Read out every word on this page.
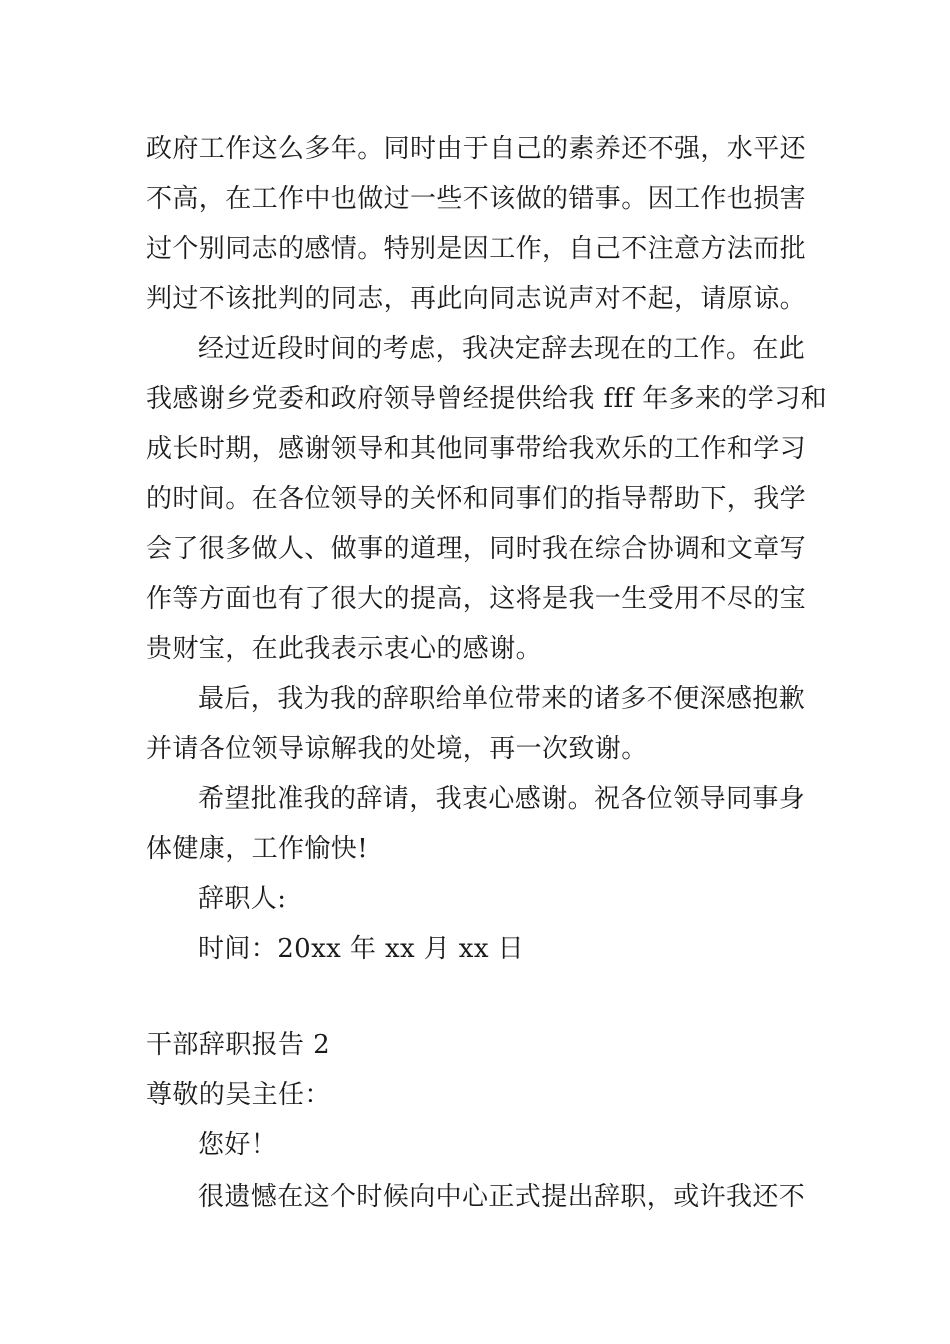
政府工作这么多年。同时由于自己的素养还不强，水平还
不高，在工作中也做过一些不该做的错事。因工作也损害
过个别同志的感情。特别是因工作，自己不注意方法而批
判过不该批判的同志，再此向同志说声对不起，请原谅。
经过近段时间的考虑，我决定辞去现在的工作。在此
我感谢乡党委和政府领导曾经提供给我 fff 年多来的学习和
成长时期，感谢领导和其他同事带给我欢乐的工作和学习
的时间。在各位领导的关怀和同事们的指导帮助下，我学
会了很多做人、做事的道理，同时我在综合协调和文章写
作等方面也有了很大的提高，这将是我一生受用不尽的宝
贵财宝，在此我表示衷心的感谢。
最后，我为我的辞职给单位带来的诸多不便深感抱歉
并请各位领导谅解我的处境，再一次致谢。
希望批准我的辞请，我衷心感谢。祝各位领导同事身
体健康，工作愉快!
辞职人:
时间：20xx 年 xx 月 xx 日
干部辞职报告 2
尊敬的吴主任：
您好！
很遗憾在这个时候向中心正式提出辞职，或许我还不
